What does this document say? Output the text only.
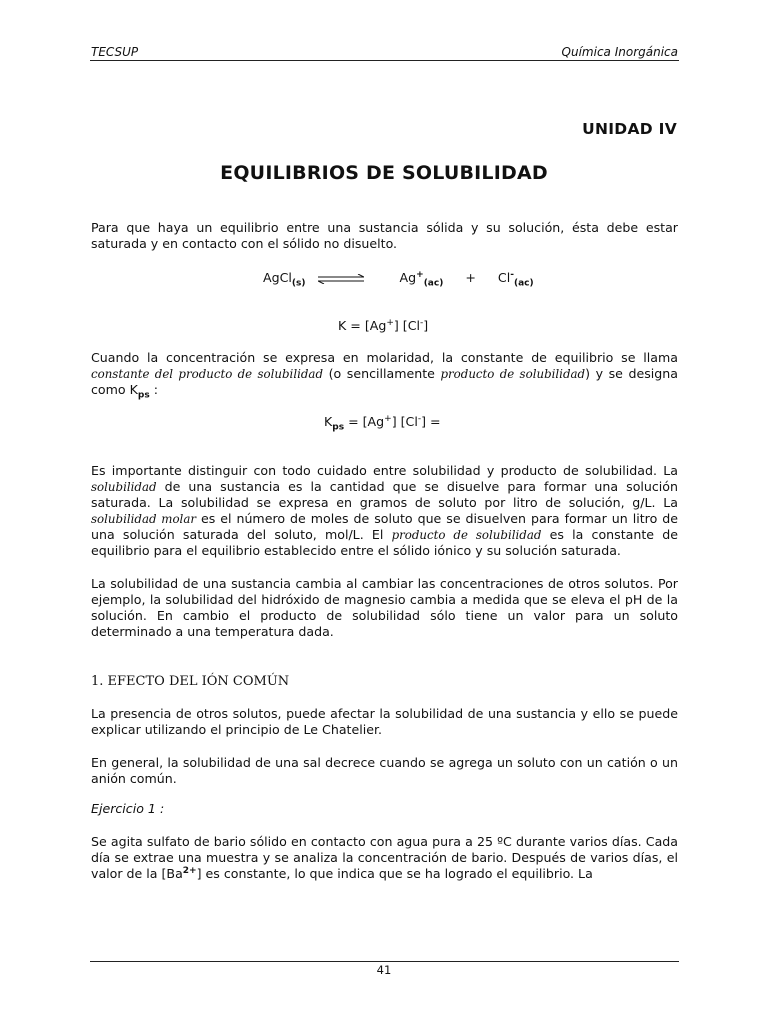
TECSUP	Química Inorgánica
UNIDAD IV
EQUILIBRIOS DE SOLUBILIDAD
Para que haya un equilibrio entre una sustancia sólida y su solución, ésta debe estar saturada y en contacto con el sólido no disuelto.
AgCl$_{(s)}$	$Ag^+_{(ac)} + Cl^-_{(ac)}$
K = [Ag+] [Cl-]
Cuando la concentración se expresa en molaridad, la constante de equilibrio se llama constante del producto de solubilidad (o sencillamente producto de solubilidad) y se designa como $K_{ps}$ :
$K_{ps} = [Ag^+] [Cl^-]$ =
Es importante distinguir con todo cuidado entre solubilidad y producto de solubilidad. La solubilidad de una sustancia es la cantidad que se disuelve para formar una solución saturada. La solubilidad se expresa en gramos de soluto por litro de solución, g/L. La solubilidad molar es el número de moles de soluto que se disuelven para formar un litro de una solución saturada del soluto, mol/L. El producto de solubilidad es la constante de equilibrio para el equilibrio establecido entre el sólido iónico y su solución saturada.
La solubilidad de una sustancia cambia al cambiar las concentraciones de otros solutos. Por ejemplo, la solubilidad del hidróxido de magnesio cambia a medida que se eleva el pH de la solución. En cambio el producto de solubilidad sólo tiene un valor para un soluto determinado a una temperatura dada.
1. EFECTO DEL IÓN COMÚN
La presencia de otros solutos, puede afectar la solubilidad de una sustancia y ello se puede explicar utilizando el principio de Le Chatelier.
En general, la solubilidad de una sal decrece cuando se agrega un soluto con un catión o un anión común.
Ejercicio 1 :
Se agita sulfato de bario sólido en contacto con agua pura a 25 ºC durante varios días. Cada día se extrae una muestra y se analiza la concentración de bario. Después de varios días, el valor de la $[Ba^{2+}]$ es constante, lo que indica que se ha logrado el equilibrio. La
41
